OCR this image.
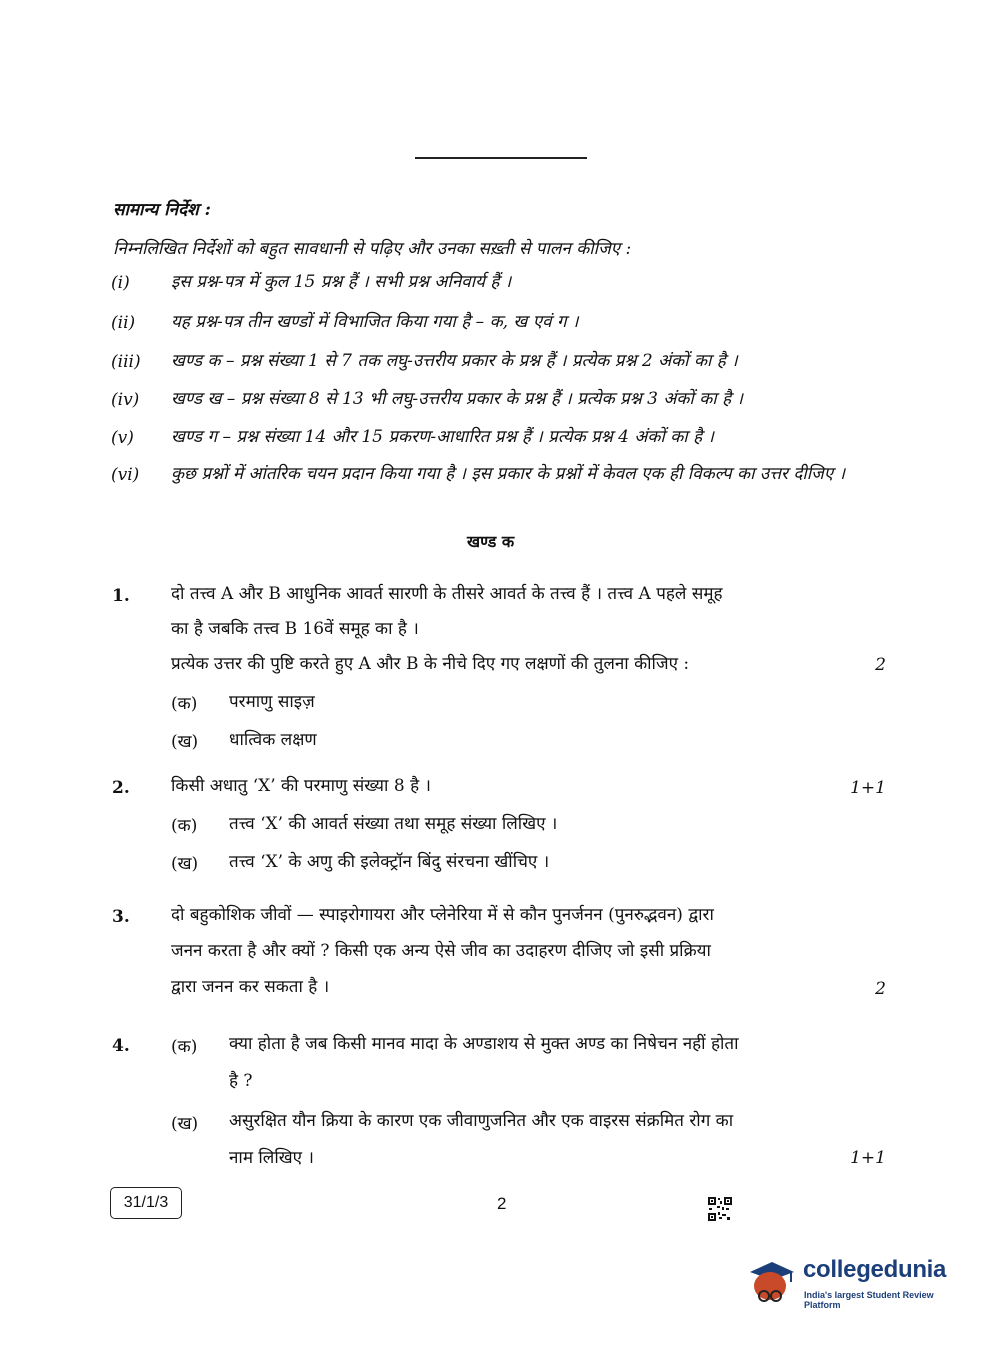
सामान्य निर्देश :
निम्नलिखित निर्देशों को बहुत सावधानी से पढ़िए और उनका सख़्ती से पालन कीजिए :
(i) इस प्रश्न-पत्र में कुल 15 प्रश्न हैं । सभी प्रश्न अनिवार्य हैं ।
(ii) यह प्रश्न-पत्र तीन खण्डों में विभाजित किया गया है – क, ख एवं ग ।
(iii) खण्ड क – प्रश्न संख्या 1 से 7 तक लघु-उत्तरीय प्रकार के प्रश्न हैं । प्रत्येक प्रश्न 2 अंकों का है ।
(iv) खण्ड ख – प्रश्न संख्या 8 से 13 भी लघु-उत्तरीय प्रकार के प्रश्न हैं । प्रत्येक प्रश्न 3 अंकों का है ।
(v) खण्ड ग – प्रश्न संख्या 14 और 15 प्रकरण-आधारित प्रश्न हैं । प्रत्येक प्रश्न 4 अंकों का है ।
(vi) कुछ प्रश्नों में आंतरिक चयन प्रदान किया गया है । इस प्रकार के प्रश्नों में केवल एक ही विकल्प का उत्तर दीजिए ।
खण्ड क
1. दो तत्त्व A और B आधुनिक आवर्त सारणी के तीसरे आवर्त के तत्त्व हैं । तत्त्व A पहले समूह
का है जबकि तत्त्व B 16वें समूह का है ।
प्रत्येक उत्तर की पुष्टि करते हुए A और B के नीचे दिए गए लक्षणों की तुलना कीजिए :	2
(क) परमाणु साइज़
(ख) धात्विक लक्षण
2. किसी अधातु ‘X’ की परमाणु संख्या 8 है ।	1+1
(क) तत्त्व ‘X’ की आवर्त संख्या तथा समूह संख्या लिखिए ।
(ख) तत्त्व ‘X’ के अणु की इलेक्ट्रॉन बिंदु संरचना खींचिए ।
3. दो बहुकोशिक जीवों — स्पाइरोगायरा और प्लेनेरिया में से कौन पुनर्जनन (पुनरुद्भवन) द्वारा
जनन करता है और क्यों ? किसी एक अन्य ऐसे जीव का उदाहरण दीजिए जो इसी प्रक्रिया
द्वारा जनन कर सकता है ।	2
4. (क) क्या होता है जब किसी मानव मादा के अण्डाशय से मुक्त अण्ड का निषेचन नहीं होता
है ?
(ख) असुरक्षित यौन क्रिया के कारण एक जीवाणुजनित और एक वाइरस संक्रमित रोग का
नाम लिखिए ।	1+1
31/1/3	2
collegedunia
India's largest Student Review Platform
